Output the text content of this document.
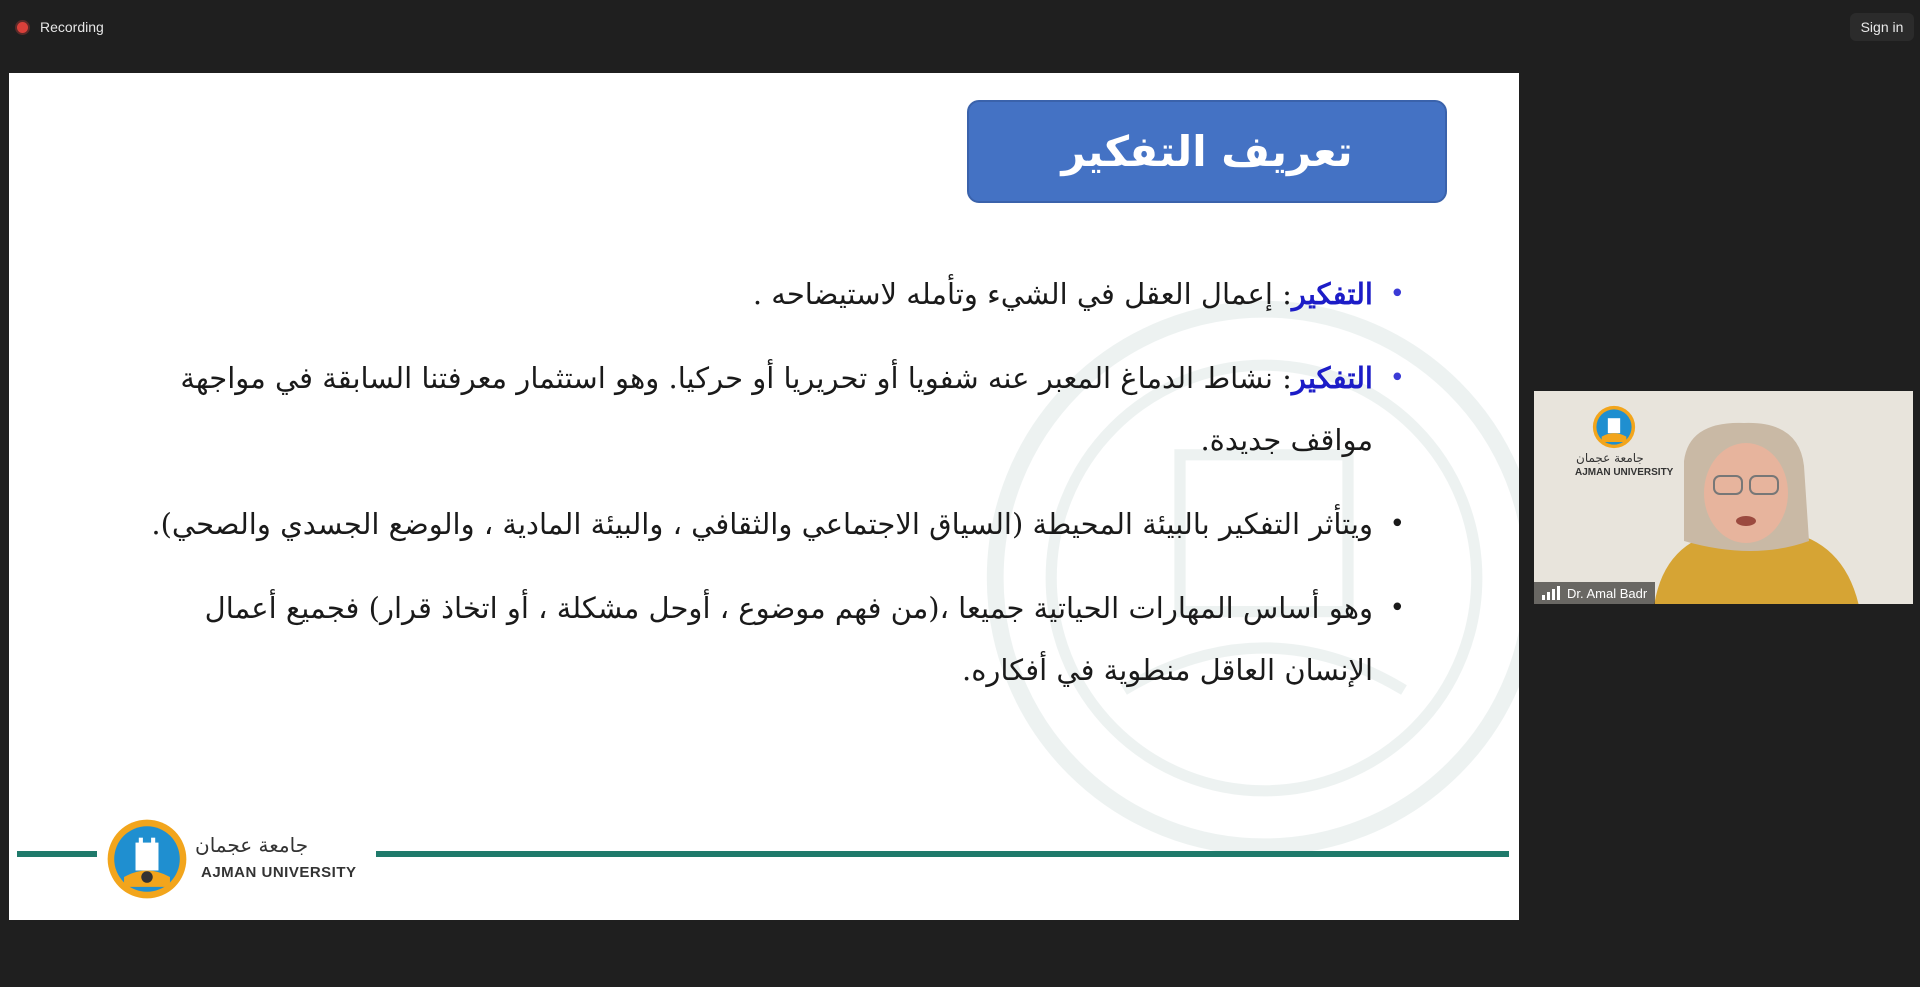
Recording	Sign in
تعريف التفكير
•
التفكير: إعمال العقل في الشيء وتأمله لاستيضاحه .
•
التفكير: نشاط الدماغ المعبر عنه شفويا أو تحريريا أو حركيا. وهو استثمار معرفتنا السابقة في مواجهة مواقف جديدة.
•
ويتأثر التفكير بالبيئة المحيطة (السياق الاجتماعي والثقافي ، والبيئة المادية ، والوضع الجسدي والصحي).
•
وهو أساس المهارات الحياتية جميعا ،(من فهم موضوع ، أوحل مشكلة ، أو اتخاذ قرار) فجميع أعمال الإنسان العاقل منطوية في أفكاره.
جامعة عجمان
AJMAN UNIVERSITY
جامعة عجمان
AJMAN UNIVERSITY
Dr. Amal Badr
